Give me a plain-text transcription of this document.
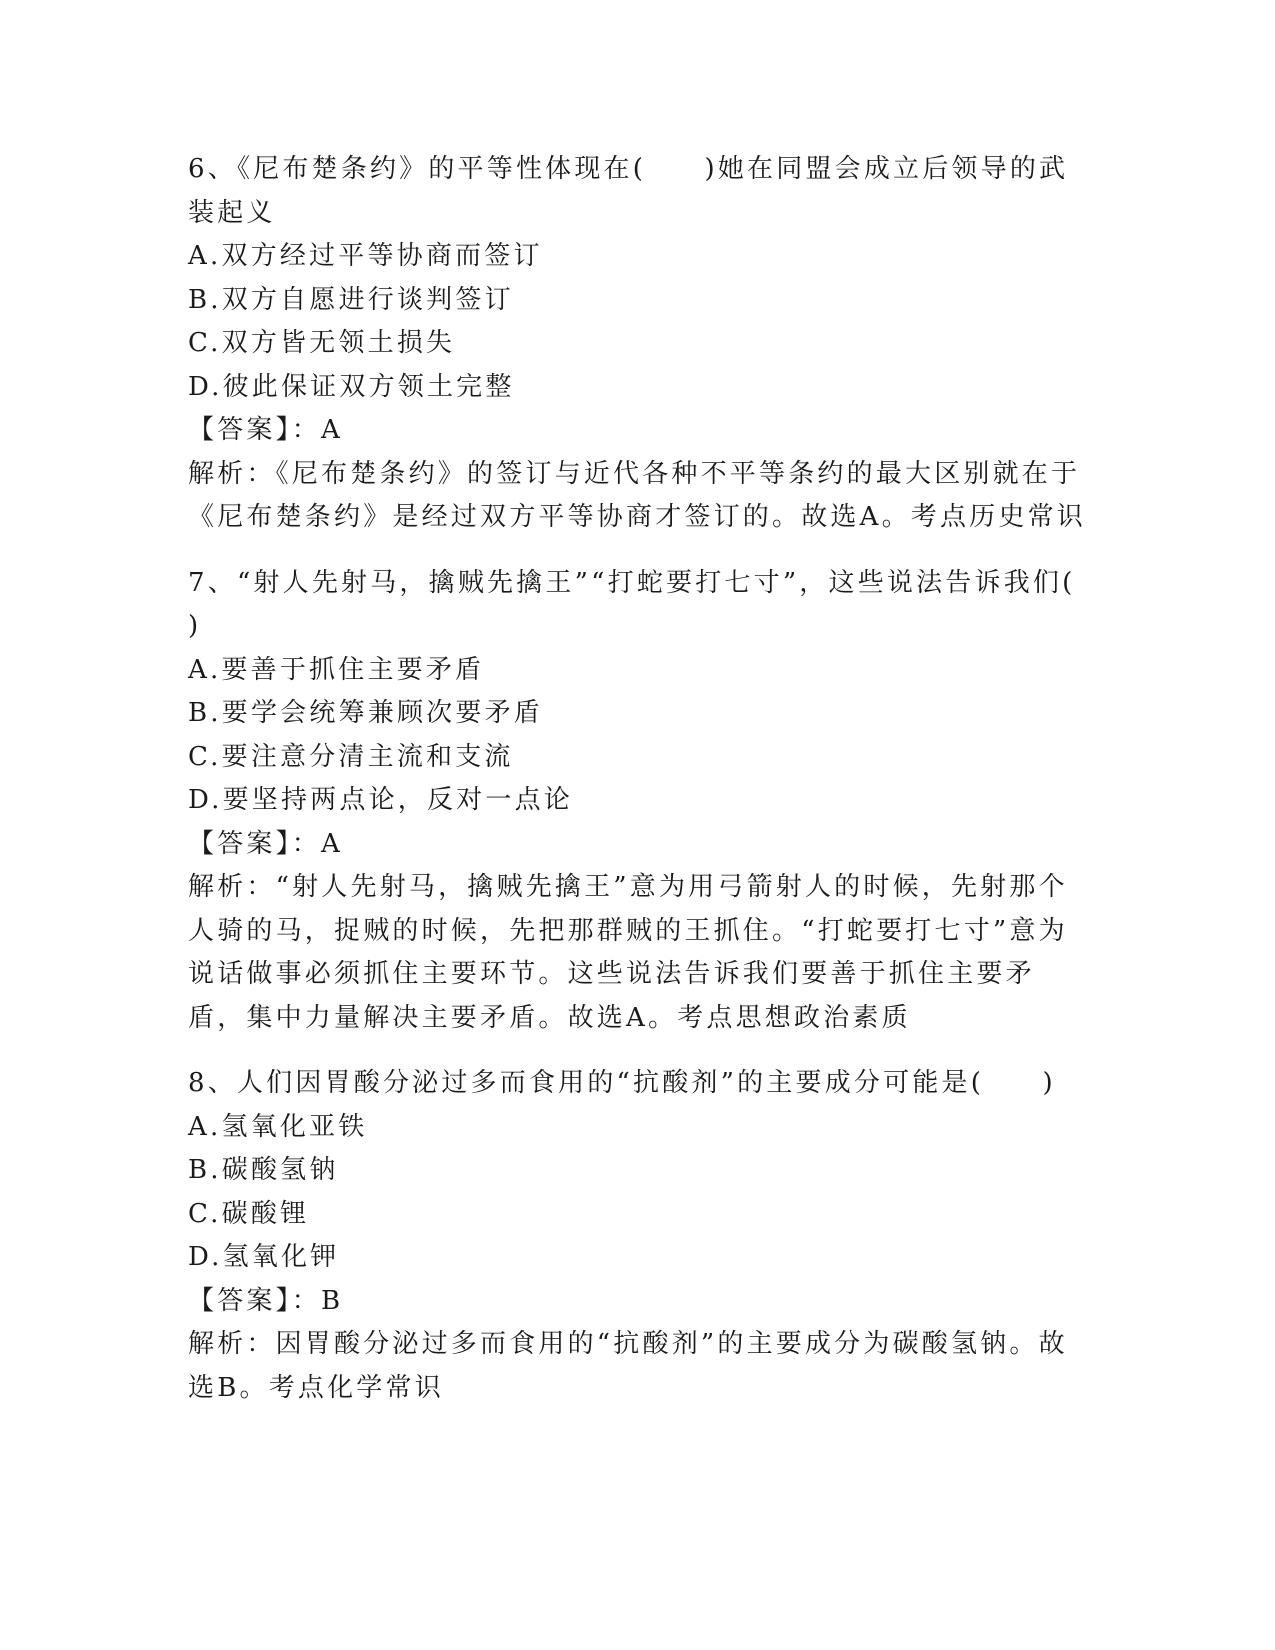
6、《尼布楚条约》的平等性体现在(　　)她在同盟会成立后领导的武装起义
A.双方经过平等协商而签订
B.双方自愿进行谈判签订
C.双方皆无领土损失
D.彼此保证双方领土完整
【答案】：A
解析：《尼布楚条约》的签订与近代各种不平等条约的最大区别就在于《尼布楚条约》是经过双方平等协商才签订的。故选A。考点历史常识
7、“射人先射马，擒贼先擒王”“打蛇要打七寸”，这些说法告诉我们(　　)
A.要善于抓住主要矛盾
B.要学会统筹兼顾次要矛盾
C.要注意分清主流和支流
D.要坚持两点论，反对一点论
【答案】：A
解析：“射人先射马，擒贼先擒王”意为用弓箭射人的时候，先射那个人骑的马，捉贼的时候，先把那群贼的王抓住。“打蛇要打七寸”意为说话做事必须抓住主要环节。这些说法告诉我们要善于抓住主要矛盾，集中力量解决主要矛盾。故选A。考点思想政治素质
8、人们因胃酸分泌过多而食用的“抗酸剂”的主要成分可能是(　　)
A.氢氧化亚铁
B.碳酸氢钠
C.碳酸锂
D.氢氧化钾
【答案】：B
解析：因胃酸分泌过多而食用的“抗酸剂”的主要成分为碳酸氢钠。故选B。考点化学常识
